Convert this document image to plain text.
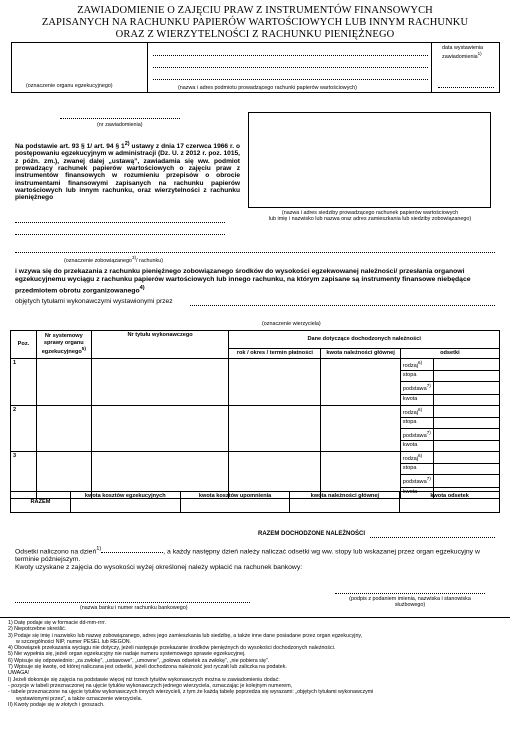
ZAWIADOMIENIE O ZAJĘCIU PRAW Z INSTRUMENTÓW FINANSOWYCH
ZAPISANYCH NA RACHUNKU PAPIERÓW WARTOŚCIOWYCH LUB INNYM RACHUNKU
ORAZ Z WIERZYTELNOŚCI Z RACHUNKU PIENIĘŻNEGO
(oznaczenie organu egzekucyjnego)	(nazwa i adres podmiotu prowadzącego rachunki papierów wartościowych)
data wystawienia zawiadomienia$^{1)}$
(nr zawiadomienia)
Na podstawie art. 93 § 1/ art. 94 § 1$^{2)}$ ustawy z dnia 17 czerwca 1966 r. o postępowaniu egzekucyjnym w administracji (Dz. U. z 2012 r. poz. 1015, z późn. zm.), zwanej dalej „ustawą”, zawiadamia się ww. podmiot prowadzący rachunek papierów wartościowych o zajęciu praw z instrumentów finansowych w rozumieniu przepisów o obrocie instrumentami finansowymi zapisanych na rachunku papierów wartościowych lub innym rachunku, oraz wierzytelności z rachunku pieniężnego
(nazwa i adres siedziby prowadzącego rachunek papierów wartościowych
lub imię i nazwisko lub nazwa oraz adres zamieszkania lub siedziby zobowiązanego)
(oznaczenie zobowiązanego$^{3)}$/ rachunku)
i wzywa się do przekazania z rachunku pieniężnego zobowiązanego środków do wysokości egzekwowanej należności/ przesłania organowi egzekucyjnemu wyciągu z rachunku papierów wartościowych lub innego rachunku, na którym zapisane są instrumenty finansowe niebędące przedmiotem obrotu zorganizowanego$^{4)}$
objętych tytułami wykonawczymi wystawionymi przez
(oznaczenie wierzyciela)
Poz.	Nr systemowy sprawy organu egzekucyjnego$^{5)}$	Nr tytułu wykonawczego	Dane dotyczące dochodzonych należności			
			rok / okres / termin płatności	kwota należności głównej	odsetki	
1					rodzaj$^{6)}$	
					stopa	
					podstawa$^{7)}$	
					kwota	
2					rodzaj$^{6)}$	
					stopa	
					podstawa$^{7)}$	
					kwota	
3					rodzaj$^{6)}$	
					stopa	
					podstawa$^{7)}$	
					kwota	
RAZEM	kwota kosztów egzekucyjnych	kwota kosztów upomnienia	kwota należności głównej	kwota odsetek
RAZEM DOCHODZONE NALEŻNOŚCI
Odsetki naliczono na dzień$^{1)}$	, a każdy następny dzień należy naliczać odsetki wg ww. stopy lub wskazanej przez organ egzekucyjny w terminie późniejszym.
Kwoty uzyskane z zajęcia do wysokości wyżej określonej należy wpłacić na rachunek bankowy:
(nazwa banku i numer rachunku bankowego)
(podpis z podaniem imienia, nazwiska i stanowiska służbowego)
1) Datę podaje się w formacie dd-mm-rrrr.
2) Niepotrzebne skreślić.
3) Podaje się imię i nazwisko lub nazwę zobowiązanego, adres jego zamieszkania lub siedzibę, a także inne dane posiadane przez organ egzekucyjny,
w szczególności NIP, numer PESEL lub REGON.
4) Obowiązek przekazania wyciągu nie dotyczy, jeżeli następuje przekazanie środków pieniężnych do wysokości dochodzonych należności.
5) Nie wypełnia się, jeżeli organ egzekucyjny nie nadaje numeru systemowego sprawie egzekucyjnej.
6) Wpisuje się odpowiednio: „za zwłokę”, „ustawowe”, „umowne”, „połowa odsetek za zwłokę”, „nie pobiera się”.
7) Wpisuje się kwotę, od której naliczana jest odsetki, jeżeli dochodzona należność jest ryczałt lub zaliczka na podatek.
UWAGA!
I) Jeżeli dokonuje się zajęcia na podstawie więcej niż trzech tytułów wykonawczych można w zawiadomieniu dodać:
- pozycje w tabeli przeznaczonej na ujęcie tytułów wykonawczych jednego wierzyciela, oznaczając je kolejnym numerem,
- tabele przeznaczone na ujęcie tytułów wykonawczych innych wierzycieli, z tym że każdą tabelę poprzedza się wyrazami: „objętych tytułami wykonawczymi
wystawionymi przez”, a także oznaczenie wierzyciela.
II) Kwoty podaje się w złotych i groszach.
